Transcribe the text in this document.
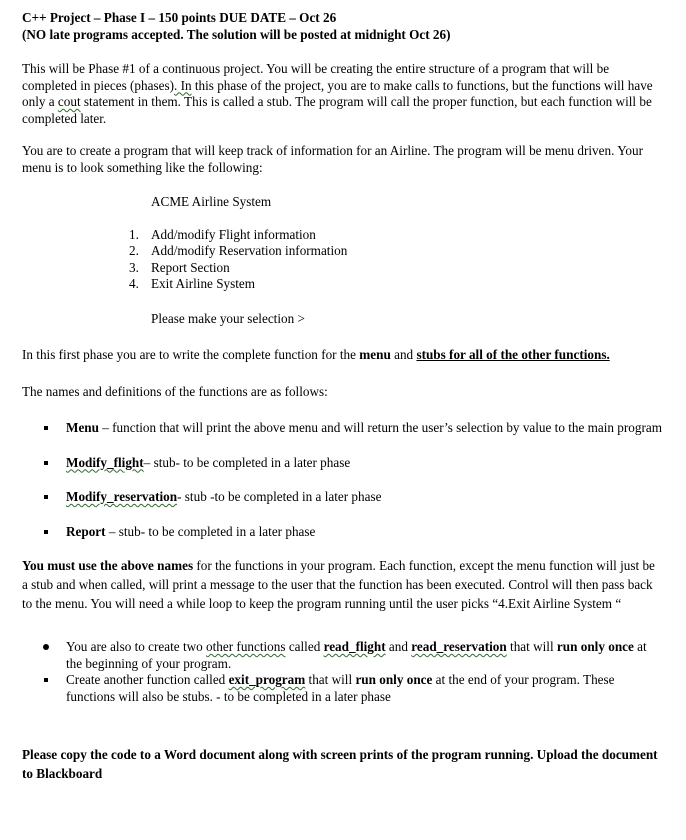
C++ Project – Phase I – 150 points DUE DATE – Oct 26
(NO late programs accepted. The solution will be posted at midnight Oct 26)
This will be Phase #1 of a continuous project. You will be creating the entire structure of a program that will be completed in pieces (phases). In this phase of the project, you are to make calls to functions, but the functions will have only a cout statement in them. This is called a stub. The program will call the proper function, but each function will be completed later.
You are to create a program that will keep track of information for an Airline. The program will be menu driven. Your menu is to look something like the following:
ACME Airline System
1. Add/modify Flight information
2. Add/modify Reservation information
3. Report Section
4. Exit Airline System
Please make your selection >
In this first phase you are to write the complete function for the menu and stubs for all of the other functions.
The names and definitions of the functions are as follows:
Menu – function that will print the above menu and will return the user’s selection by value to the main program
Modify_flight– stub- to be completed in a later phase
Modify_reservation- stub -to be completed in a later phase
Report – stub- to be completed in a later phase
You must use the above names for the functions in your program. Each function, except the menu function will just be a stub and when called, will print a message to the user that the function has been executed. Control will then pass back to the menu. You will need a while loop to keep the program running until the user picks “4.Exit Airline System “
You are also to create two other functions called read_flight and read_reservation that will run only once at the beginning of your program.
Create another function called exit_program that will run only once at the end of your program. These functions will also be stubs. - to be completed in a later phase
Please copy the code to a Word document along with screen prints of the program running. Upload the document to Blackboard
